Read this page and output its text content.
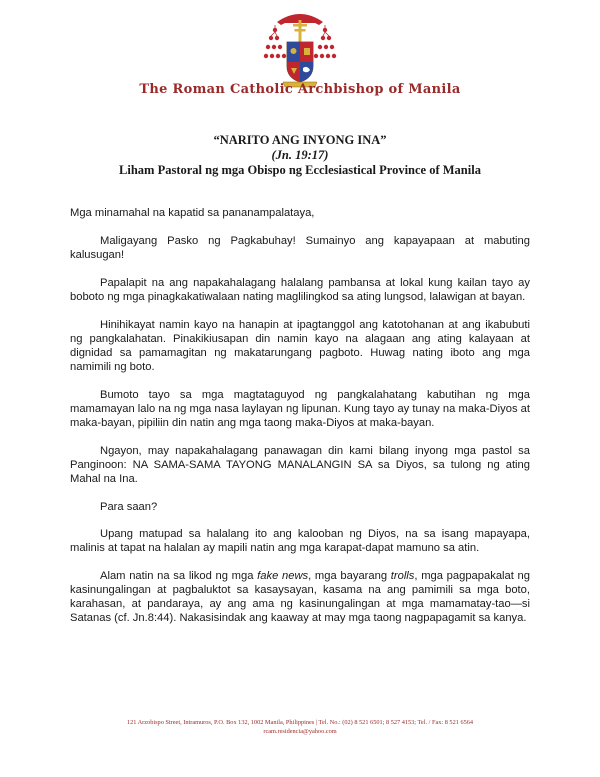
The Roman Catholic Archbishop of Manila
“NARITO ANG INYONG INA”
(Jn. 19:17)
Liham Pastoral ng mga Obispo ng Ecclesiastical Province of Manila

Mga minamahal na kapatid sa pananampalataya,

Maligayang Pasko ng Pagkabuhay! Sumainyo ang kapayapaan at mabuting kalusugan!

Papalapit na ang napakahalagang halalang pambansa at lokal kung kailan tayo ay boboto ng mga pinagkakatiwalaan nating maglilingkod sa ating lungsod, lalawigan at bayan.

Hinihikayat namin kayo na hanapin at ipagtanggol ang katotohanan at ang ikabubuti ng pangkalahatan. Pinakikiusapan din namin kayo na alagaan ang ating kalayaan at dignidad sa pamamagitan ng makatarungang pagboto. Huwag nating iboto ang mga namimili ng boto.

Bumoto tayo sa mga magtataguyod ng pangkalahatang kabutihan ng mga mamamayan lalo na ng mga nasa laylayan ng lipunan. Kung tayo ay tunay na maka-Diyos at maka-bayan, pipiliin din natin ang mga taong maka-Diyos at maka-bayan.

Ngayon, may napakahalagang panawagan din kami bilang inyong mga pastol sa Panginoon: NA SAMA-SAMA TAYONG MANALANGIN SA sa Diyos, sa tulong ng ating Mahal na Ina.

Para saan?

Upang matupad sa halalang ito ang kalooban ng Diyos, na sa isang mapayapa, malinis at tapat na halalan ay mapili natin ang mga karapat-dapat mamuno sa atin.

Alam natin na sa likod ng mga fake news, mga bayarang trolls, mga pagpapakalat ng kasinungalingan at pagbaluktot sa kasaysayan, kasama na ang pamimili sa mga boto, karahasan, at pandaraya, ay ang ama ng kasinungalingan at mga mamamatay-tao—si Satanas (cf. Jn.8:44). Nakasisindak ang kaaway at may mga taong nagpapagamit sa kanya.

121 Arzobispo Street, Intramuros, P.O. Box 132, 1002 Manila, Philippines | Tel. No.: (02) 8 521 6501; 8 527 4153; Tel. / Fax: 8 521 6564
rcam.residencia@yahoo.com
